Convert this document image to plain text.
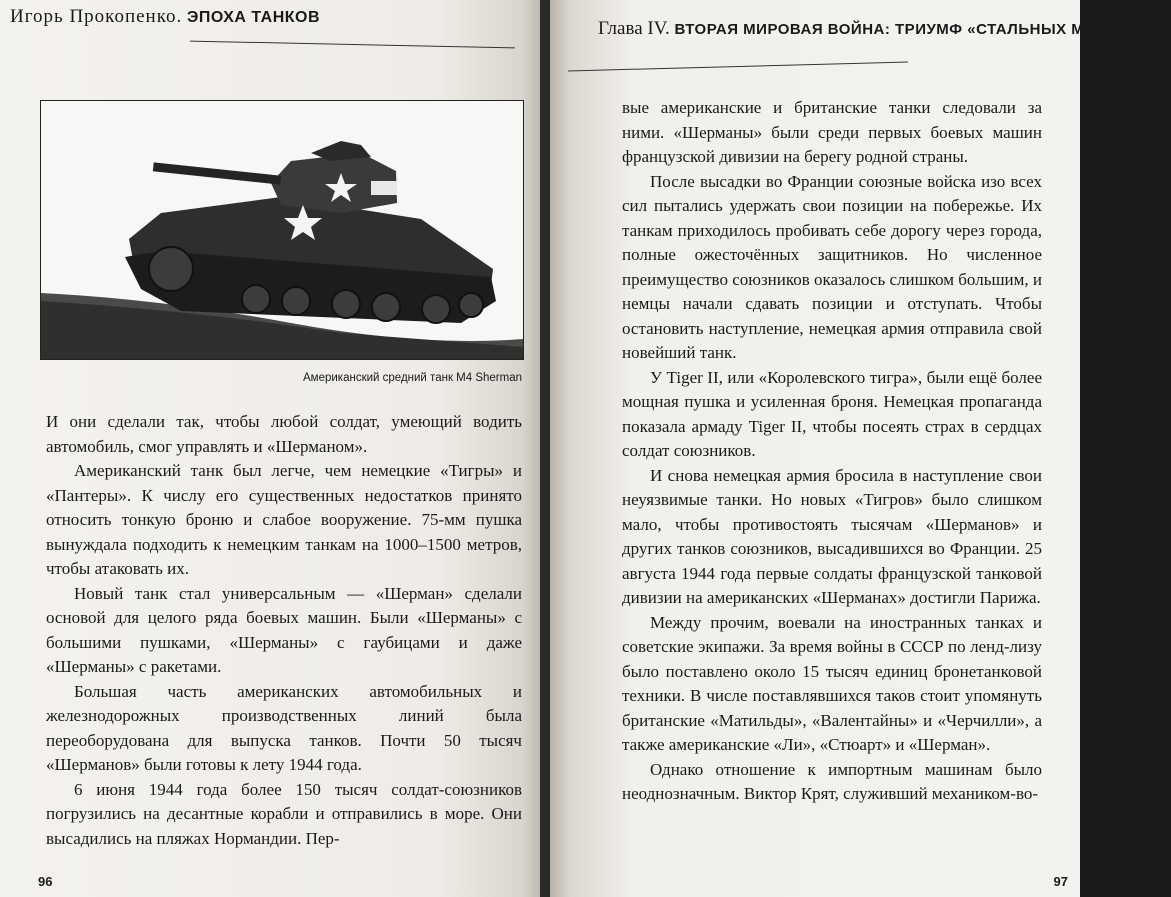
Игорь Прокопенко. ЭПОХА ТАНКОВ
Американский средний танк M4 Sherman

И они сделали так, чтобы любой солдат, умеющий водить автомобиль, смог управлять и «Шерманом».

Американский танк был легче, чем немецкие «Тигры» и «Пантеры». К числу его существенных недостатков принято относить тонкую броню и слабое вооружение. 75-мм пушка вынуждала подходить к немецким танкам на 1000–1500 метров, чтобы атаковать их.

Новый танк стал универсальным — «Шерман» сделали основой для целого ряда боевых машин. Были «Шерманы» с большими пушками, «Шерманы» с гаубицами и даже «Шерманы» с ракетами.

Большая часть американских автомобильных и железнодорожных производственных линий была переоборудована для выпуска танков. Почти 50 тысяч «Шерманов» были готовы к лету 1944 года.

6 июня 1944 года более 150 тысяч солдат-союзников погрузились на десантные корабли и отправились в море. Они высадились на пляжах Нормандии. Пер-

96
Глава IV. ВТОРАЯ МИРОВАЯ ВОЙНА: ТРИУМФ «СТАЛЬНЫХ МОНСТРОВ»

вые американские и британские танки следовали за ними. «Шерманы» были среди первых боевых машин французской дивизии на берегу родной страны.

После высадки во Франции союзные войска изо всех сил пытались удержать свои позиции на побережье. Их танкам приходилось пробивать себе дорогу через города, полные ожесточённых защитников. Но численное преимущество союзников оказалось слишком большим, и немцы начали сдавать позиции и отступать. Чтобы остановить наступление, немецкая армия отправила свой новейший танк.

У Tiger II, или «Королевского тигра», были ещё более мощная пушка и усиленная броня. Немецкая пропаганда показала армаду Tiger II, чтобы посеять страх в сердцах солдат союзников.

И снова немецкая армия бросила в наступление свои неуязвимые танки. Но новых «Тигров» было слишком мало, чтобы противостоять тысячам «Шерманов» и других танков союзников, высадившихся во Франции. 25 августа 1944 года первые солдаты французской танковой дивизии на американских «Шерманах» достигли Парижа.

Между прочим, воевали на иностранных танках и советские экипажи. За время войны в СССР по ленд-лизу было поставлено около 15 тысяч единиц бронетанковой техники. В числе поставлявшихся таков стоит упомянуть британские «Матильды», «Валентайны» и «Черчилли», а также американские «Ли», «Стюарт» и «Шерман».

Однако отношение к импортным машинам было неоднозначным. Виктор Крят, служивший механиком-во-

97
